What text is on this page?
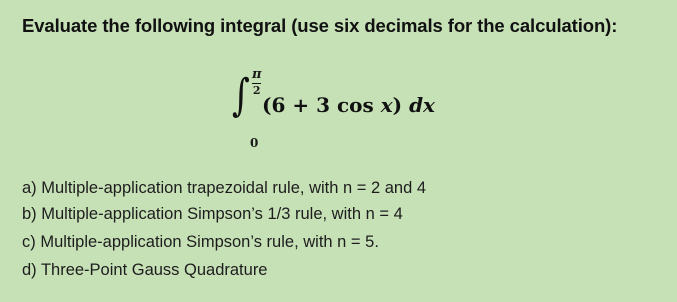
Evaluate the following integral (use six decimals for the calculation):
∫ π
2
0
(6 + 3 cos x) dx
a) Multiple-application trapezoidal rule, with n = 2 and 4
b) Multiple-application Simpson’s 1/3 rule, with n = 4
c) Multiple-application Simpson’s rule, with n = 5.
d) Three-Point Gauss Quadrature
